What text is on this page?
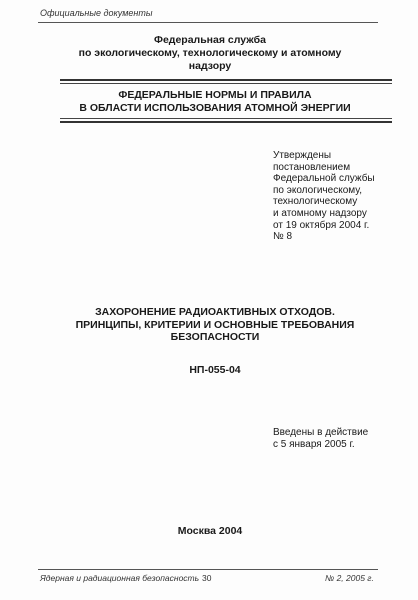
Официальные документы
Федеральная служба
по экологическому, технологическому и атомному надзору
ФЕДЕРАЛЬНЫЕ НОРМЫ И ПРАВИЛА
В ОБЛАСТИ ИСПОЛЬЗОВАНИЯ АТОМНОЙ ЭНЕРГИИ
Утверждены
постановлением
Федеральной службы
по экологическому,
технологическому
и атомному надзору
от 19 октября 2004 г.
№ 8
ЗАХОРОНЕНИЕ РАДИОАКТИВНЫХ ОТХОДОВ.
ПРИНЦИПЫ, КРИТЕРИИ И ОСНОВНЫЕ ТРЕБОВАНИЯ
БЕЗОПАСНОСТИ
НП-055-04
Введены в действие
с 5 января 2005 г.
Москва 2004
Ядерная и радиационная безопасность 30	№ 2, 2005 г.
